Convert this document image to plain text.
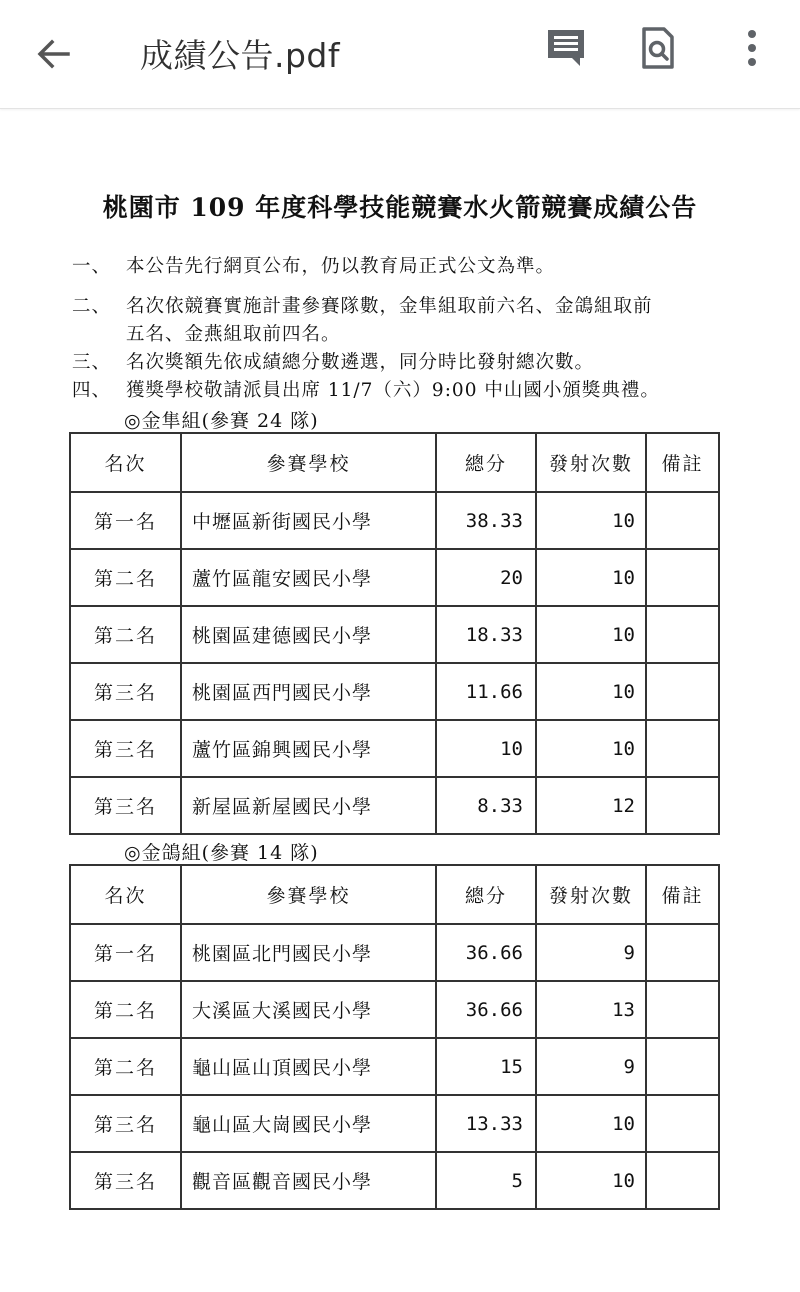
成績公告.pdf
桃園市 109 年度科學技能競賽水火箭競賽成績公告
一、 本公告先行網頁公布，仍以教育局正式公文為準。
二、 名次依競賽實施計畫參賽隊數，金隼組取前六名、金鴿組取前
五名、金燕組取前四名。
三、 名次獎額先依成績總分數遴選，同分時比發射總次數。
四、 獲獎學校敬請派員出席 11/7（六）9:00 中山國小頒獎典禮。
◎金隼組(參賽 24 隊)
名次	參賽學校	總分	發射次數	備註
第一名	中壢區新街國民小學	38.33	10	
第二名	蘆竹區龍安國民小學	20	10	
第二名	桃園區建德國民小學	18.33	10	
第三名	桃園區西門國民小學	11.66	10	
第三名	蘆竹區錦興國民小學	10	10	
第三名	新屋區新屋國民小學	8.33	12	
◎金鴿組(參賽 14 隊)
名次	參賽學校	總分	發射次數	備註
第一名	桃園區北門國民小學	36.66	9	
第二名	大溪區大溪國民小學	36.66	13	
第二名	龜山區山頂國民小學	15	9	
第三名	龜山區大崗國民小學	13.33	10	
第三名	觀音區觀音國民小學	5	10	
